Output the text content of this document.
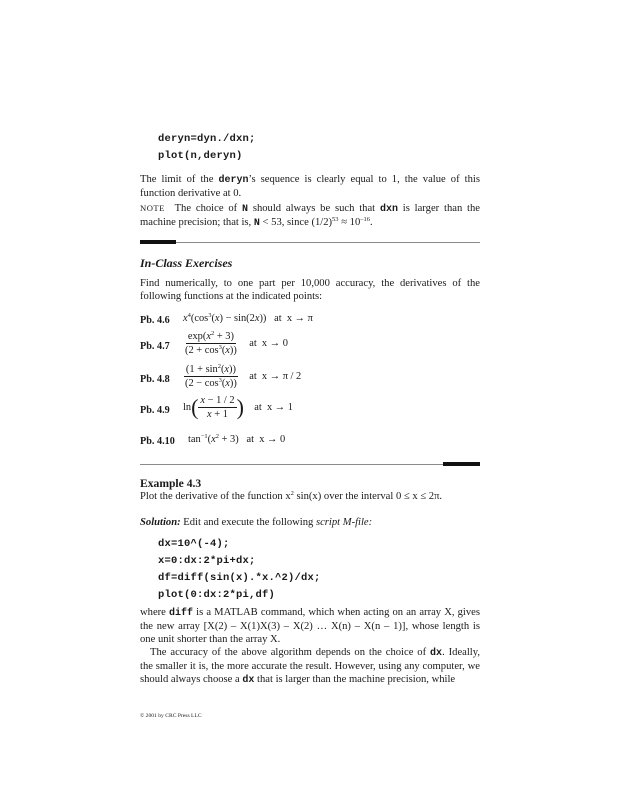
deryn=dyn./dxn;
plot(n,deryn)
The limit of the deryn’s sequence is clearly equal to 1, the value of this function derivative at 0.
NOTE The choice of N should always be such that dxn is larger than the machine precision; that is, N < 53, since $(1/2)^{53} \approx 10^{-16}$.
In-Class Exercises
Find numerically, to one part per 10,000 accuracy, the derivatives of the following functions at the indicated points:
Pb. 4.6 $x^4(\cos^3(x) - \sin(2x))$   at x → π
Pb. $4.7 \frac{\exp(x^2 + 3)}{(2 + \cos^3(x))}$ at x → 0
Pb. $4.8 \frac{(1 + \sin^2(x))}{(2 - \cos^3(x))}$ at x → π / 2
Pb. 4.9 $\ln( \frac{x - 1 / 2}{x + 1}$ ) at x → 1
Pb. 4.10 $\tan^{-1}(x^2 + 3)$   at x → 0
Example 4.3
Plot the derivative of the function $x^2$ sin(x) over the interval 0 ≤ x ≤ 2π.
Solution: Edit and execute the following script M-file:
dx=10^(-4);
x=0:dx:2*pi+dx;
df=diff(sin(x).*x.^2)/dx;
plot(0:dx:2*pi,df)
where diff is a MATLAB command, which when acting on an array X, gives the new array [X(2) – X(1)X(3) – X(2) … X(n) – X(n – 1)], whose length is one unit shorter than the array X.
The accuracy of the above algorithm depends on the choice of dx. Ideally, the smaller it is, the more accurate the result. However, using any computer, we should always choose a dx that is larger than the machine precision, while
© 2001 by CRC Press LLC
